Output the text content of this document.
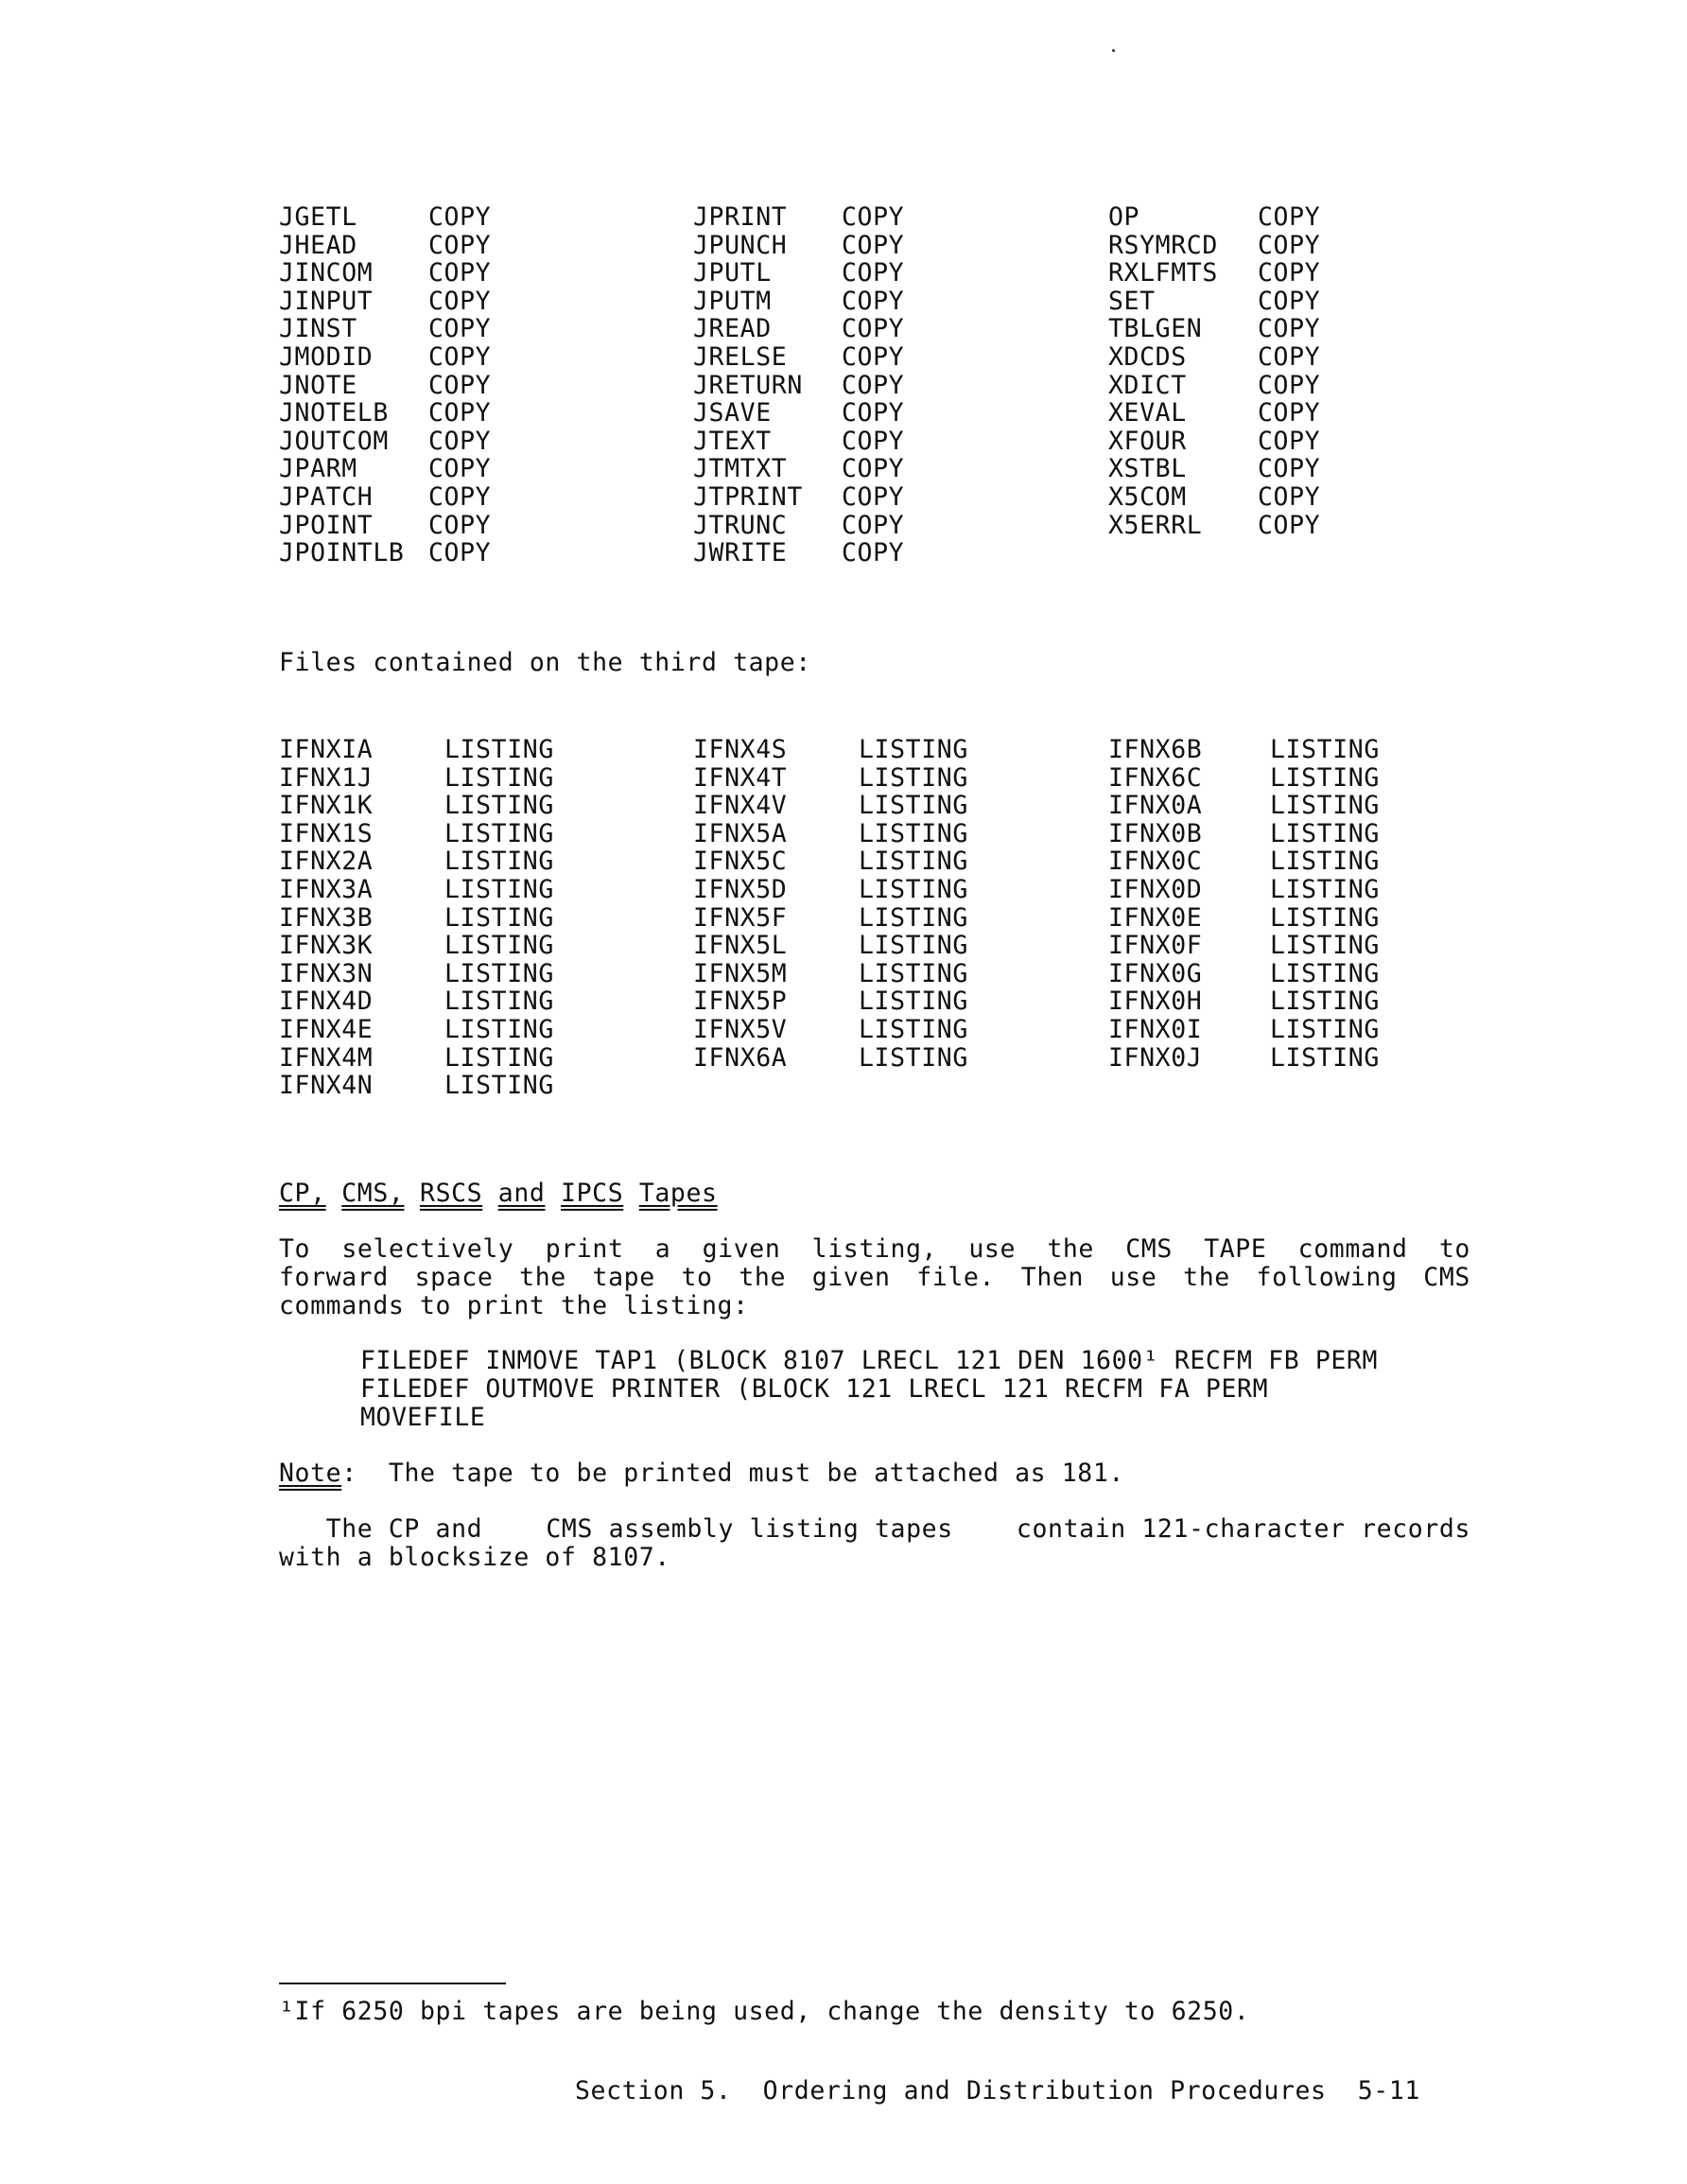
JGETL	COPY
JHEAD	COPY
JINCOM COPY
JINPUT COPY
JINST	COPY
JMODID COPY
JNOTE	COPY
JNOTELB COPY
JOUTCOM COPY
JPARM	COPY
JPATCH COPY
JPOINT COPY
JPOINTLB COPY
JPRINT COPY
JPUNCH COPY
JPUTL	COPY
JPUTM	COPY
JREAD	COPY
JRELSE COPY
JRETURN COPY
JSAVE	COPY
JTEXT	COPY
JTMTXT COPY
JTPRINT COPY
JTRUNC COPY
JWRITE COPY
OP	COPY
RSYMRCD COPY
RXLFMTS COPY
SET	COPY
TBLGEN COPY
XDCDS	COPY
XDICT	COPY
XEVAL	COPY
XFOUR	COPY
XSTBL	COPY
X5COM	COPY
X5ERRL COPY
Files contained on the third tape:
IFNXIA	LISTING
IFNX1J	LISTING
IFNX1K	LISTING
IFNX1S	LISTING
IFNX2A	LISTING
IFNX3A	LISTING
IFNX3B	LISTING
IFNX3K	LISTING
IFNX3N	LISTING
IFNX4D	LISTING
IFNX4E	LISTING
IFNX4M	LISTING
IFNX4N	LISTING
IFNX4S	LISTING
IFNX4T	LISTING
IFNX4V	LISTING
IFNX5A	LISTING
IFNX5C	LISTING
IFNX5D	LISTING
IFNX5F	LISTING
IFNX5L	LISTING
IFNX5M	LISTING
IFNX5P	LISTING
IFNX5V	LISTING
IFNX6A	LISTING
IFNX6B	LISTING
IFNX6C	LISTING
IFNX0A	LISTING
IFNX0B	LISTING
IFNX0C	LISTING
IFNX0D	LISTING
IFNX0E	LISTING
IFNX0F	LISTING
IFNX0G	LISTING
IFNX0H	LISTING
IFNX0I	LISTING
IFNX0J	LISTING
CP, CMS, RSCS and IPCS Tapes
To selectively print a given listing, use the CMS TAPE command to
forward space the tape to the given file. Then use the following CMS
commands to print the listing:
FILEDEF INMOVE TAP1 (BLOCK 8107 LRECL 121 DEN 1600¹ RECFM FB PERM
FILEDEF OUTMOVE PRINTER (BLOCK 121 LRECL 121 RECFM FA PERM
MOVEFILE
Note:  The tape to be printed must be attached as 181.
The CP and	CMS assembly listing tapes	contain 121-character records
with a blocksize of 8107.
¹If 6250 bpi tapes are being used, change the density to 6250.
Section 5.  Ordering and Distribution Procedures  5-11
